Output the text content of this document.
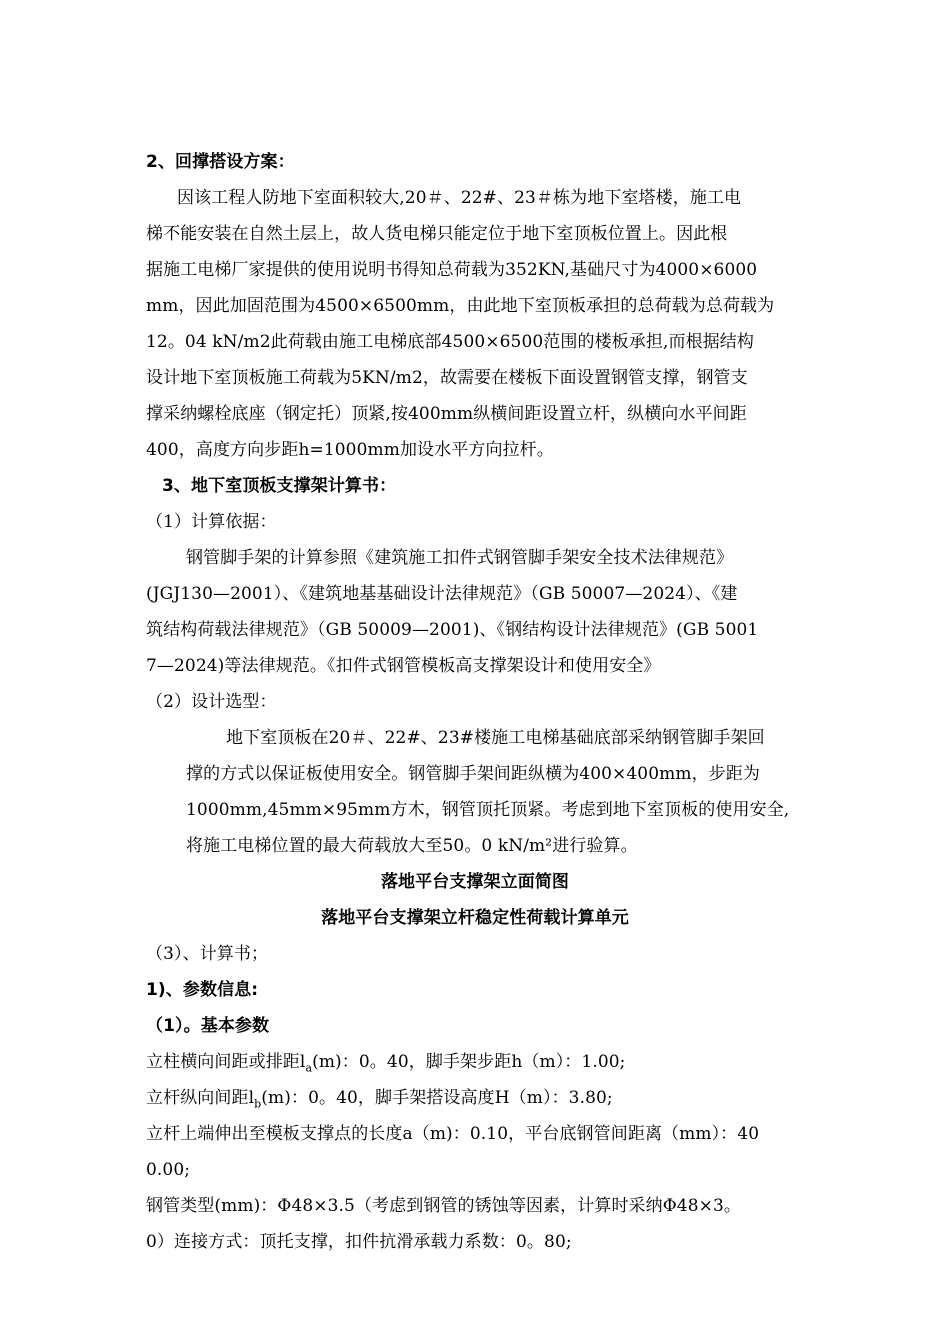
2、回撑搭设方案：
因该工程人防地下室面积较大,20＃、22#、23＃栋为地下室塔楼，施工电
梯不能安装在自然土层上，故人货电梯只能定位于地下室顶板位置上。因此根
据施工电梯厂家提供的使用说明书得知总荷载为352KN,基础尺寸为4000×6000
mm，因此加固范围为4500×6500mm，由此地下室顶板承担的总荷载为总荷载为
12。04 kN/m2此荷载由施工电梯底部4500×6500范围的楼板承担,而根据结构
设计地下室顶板施工荷载为5KN/m2，故需要在楼板下面设置钢管支撑，钢管支
撑采纳螺栓底座（钢定托）顶紧,按400mm纵横间距设置立杆，纵横向水平间距
400，高度方向步距h=1000mm加设水平方向拉杆。
3、地下室顶板支撑架计算书：
（1）计算依据：
钢管脚手架的计算参照《建筑施工扣件式钢管脚手架安全技术法律规范》
(JGJ130—2001）、《建筑地基基础设计法律规范》（GB 50007—2024）、《建
筑结构荷载法律规范》（GB 50009—2001)、《钢结构设计法律规范》(GB 5001
7—2024)等法律规范。《扣件式钢管模板高支撑架设计和使用安全》
（2）设计选型：
地下室顶板在20＃、22#、23#楼施工电梯基础底部采纳钢管脚手架回
撑的方式以保证板使用安全。钢管脚手架间距纵横为400×400mm，步距为
1000mm,45mm×95mm方木，钢管顶托顶紧。考虑到地下室顶板的使用安全,
将施工电梯位置的最大荷载放大至50。0 kN/m²进行验算。
落地平台支撑架立面简图
落地平台支撑架立杆稳定性荷载计算单元
（3）、计算书；
1)、参数信息:
（1）。基本参数
立柱横向间距或排距$l_a(m)$：0。40，脚手架步距h（m）：1.00;
立杆纵向间距$l_b(m)$：0。40，脚手架搭设高度H（m）：3.80;
立杆上端伸出至模板支撑点的长度a（m)：0.10，平台底钢管间距离（mm）：40
0.00;
钢管类型(mm)：Φ48×3.5（考虑到钢管的锈蚀等因素，计算时采纳Φ48×3。
0）连接方式：顶托支撑，扣件抗滑承载力系数：0。80;
